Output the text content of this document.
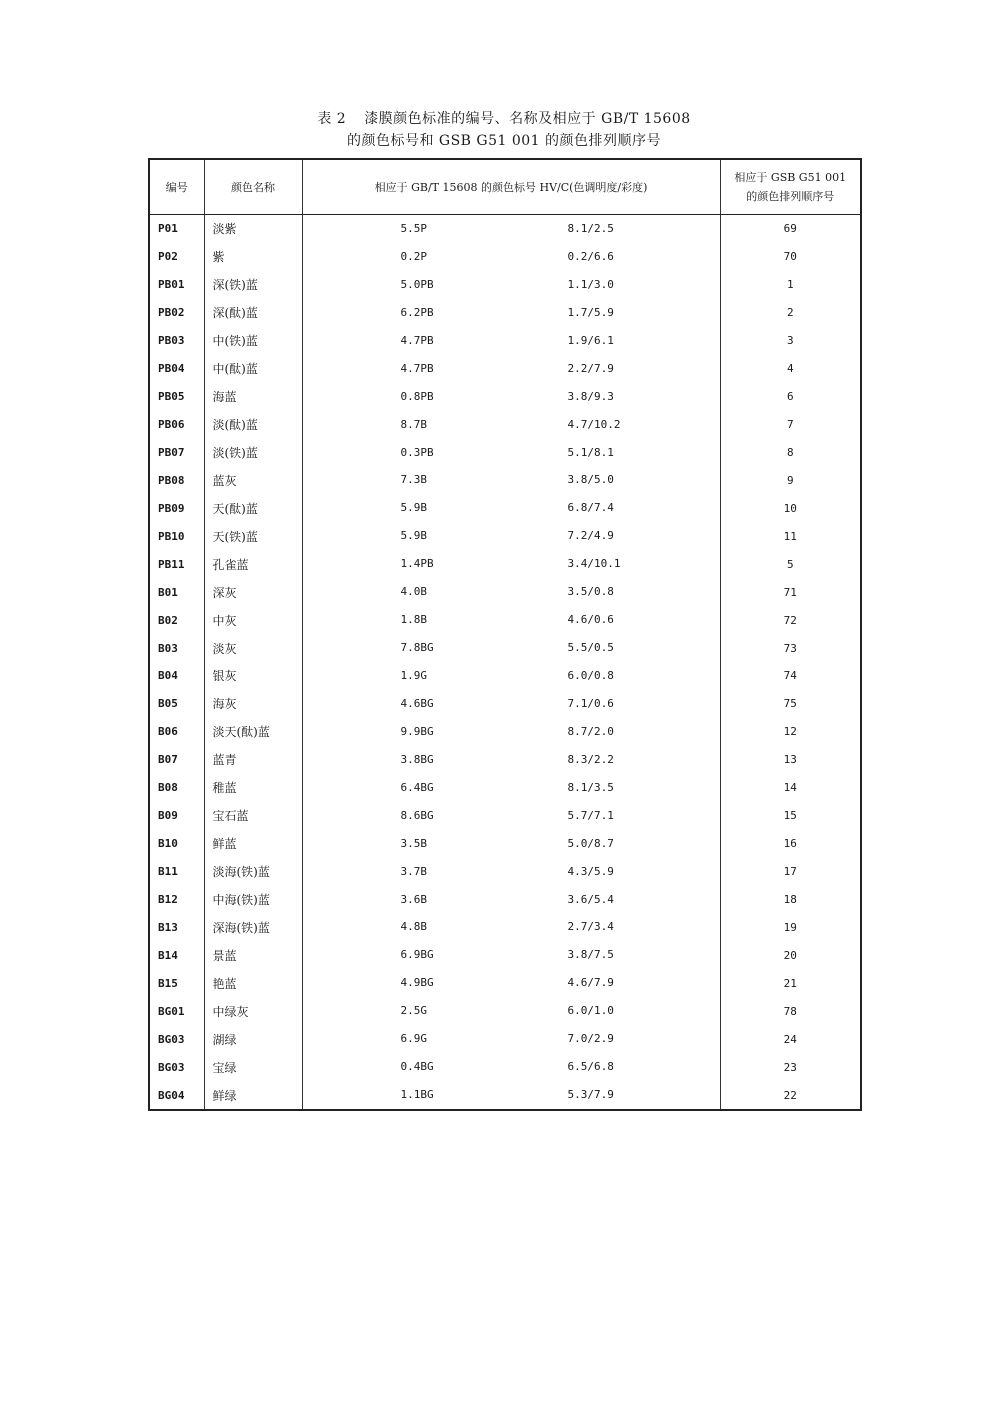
表 2 漆膜颜色标准的编号、名称及相应于 GB/T 15608
的颜色标号和 GSB G51 001 的颜色排列顺序号
编号	颜色名称	相应于 GB/T 15608 的颜色标号 HV/C(色调明度/彩度)	相应于 GSB G51 001
的颜色排列顺序号

P01	淡紫	5.5P 8.1/2.5	69
P02	紫	0.2P 0.2/6.6	70
PB01	深(铁)蓝	5.0PB 1.1/3.0	1
PB02	深(酞)蓝	6.2PB 1.7/5.9	2
PB03	中(铁)蓝	4.7PB 1.9/6.1	3
PB04	中(酞)蓝	4.7PB 2.2/7.9	4
PB05	海蓝	0.8PB 3.8/9.3	6
PB06	淡(酞)蓝	8.7B 4.7/10.2	7
PB07	淡(铁)蓝	0.3PB 5.1/8.1	8
PB08	蓝灰	7.3B 3.8/5.0	9
PB09	天(酞)蓝	5.9B 6.8/7.4	10
PB10	天(铁)蓝	5.9B 7.2/4.9	11
PB11	孔雀蓝	1.4PB 3.4/10.1	5
B01	深灰	4.0B 3.5/0.8	71
B02	中灰	1.8B 4.6/0.6	72
B03	淡灰	7.8BG 5.5/0.5	73
B04	银灰	1.9G 6.0/0.8	74
B05	海灰	4.6BG 7.1/0.6	75
B06	淡天(酞)蓝	9.9BG 8.7/2.0	12
B07	蓝青	3.8BG 8.3/2.2	13
B08	稚蓝	6.4BG 8.1/3.5	14
B09	宝石蓝	8.6BG 5.7/7.1	15
B10	鲜蓝	3.5B 5.0/8.7	16
B11	淡海(铁)蓝	3.7B 4.3/5.9	17
B12	中海(铁)蓝	3.6B 3.6/5.4	18
B13	深海(铁)蓝	4.8B 2.7/3.4	19
B14	景蓝	6.9BG 3.8/7.5	20
B15	艳蓝	4.9BG 4.6/7.9	21
BG01	中绿灰	2.5G 6.0/1.0	78
BG03	湖绿	6.9G 7.0/2.9	24
BG03	宝绿	0.4BG 6.5/6.8	23
BG04	鲜绿	1.1BG 5.3/7.9	22
